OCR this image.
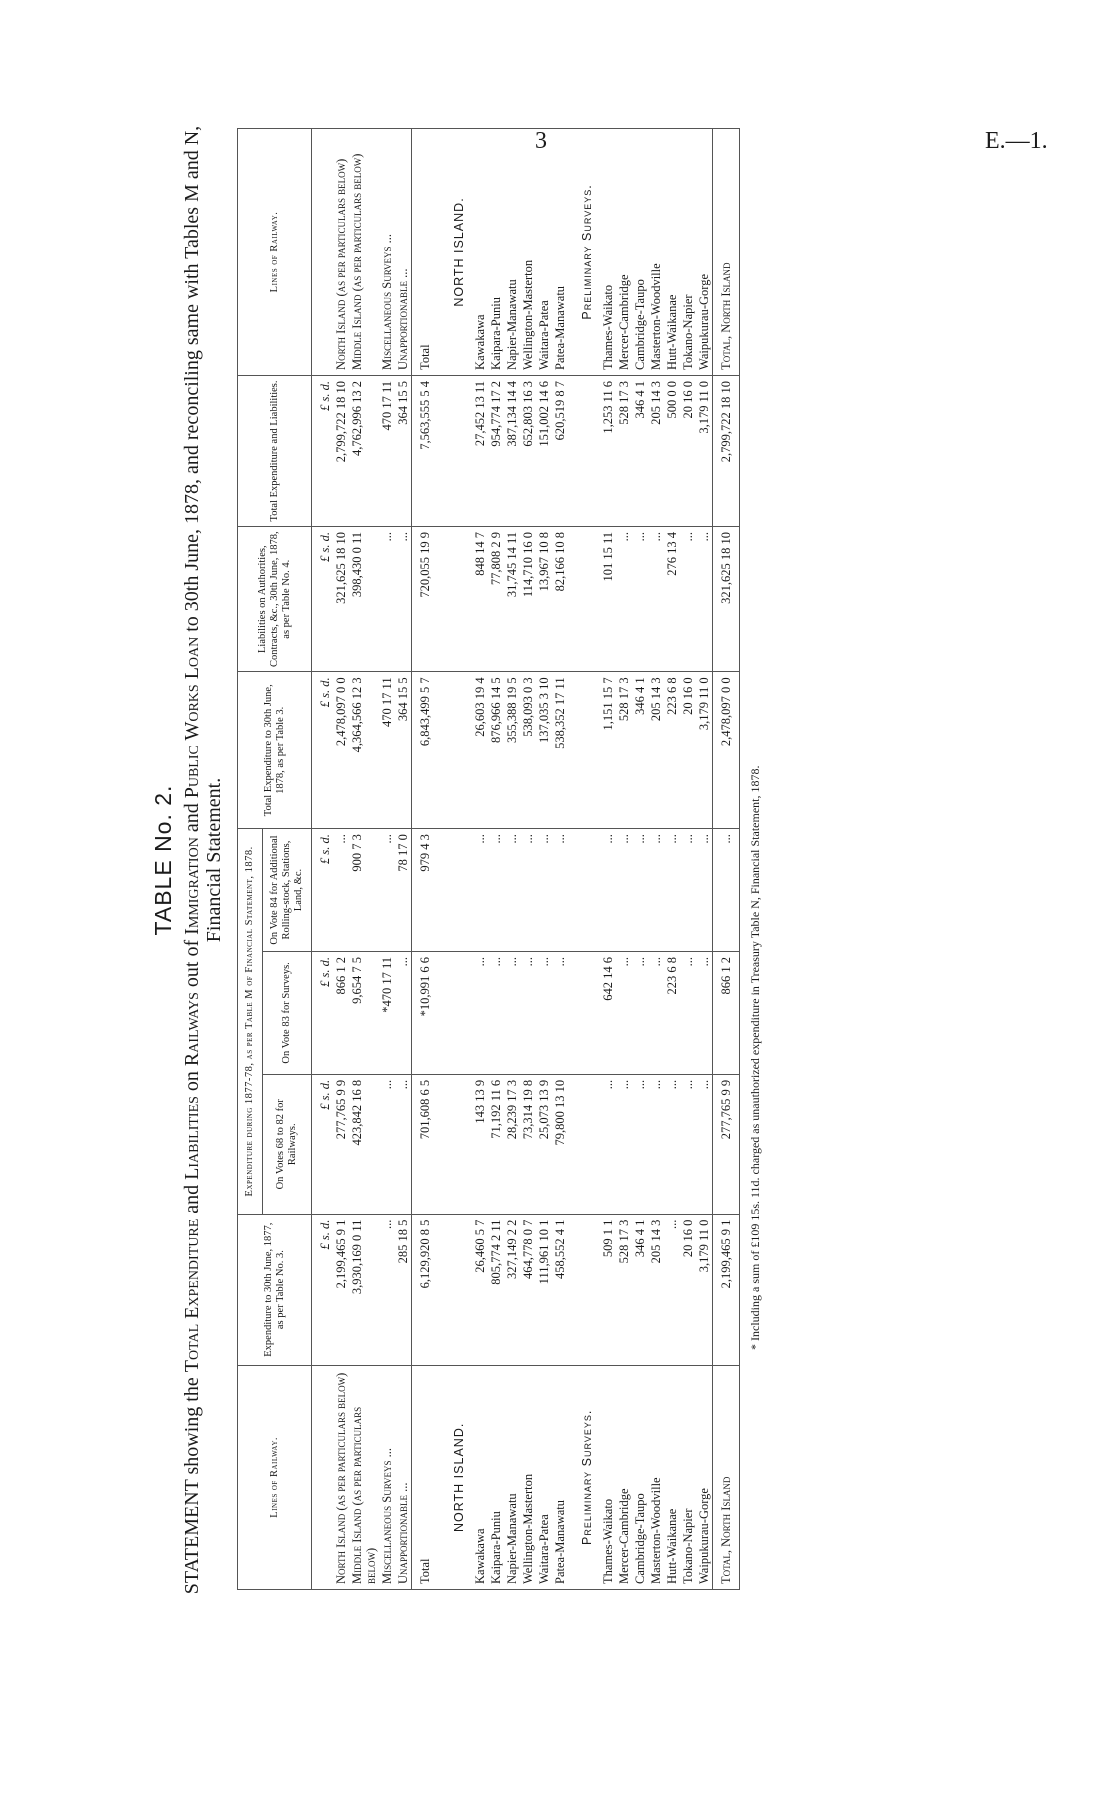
3	E.—1.
TABLE No. 2.
STATEMENT showing the Total Expenditure and Liabilities on Railways out of Immigration and Public Works Loan to 30th June, 1878, and reconciling same with Tables M and N, Financial Statement.
Lines of Railway.	Expenditure to 30th June, 1877, as per Table No. 3.	Expenditure during 1877-78, as per Table M of Financial Statement, 1878.			Total Expenditure to 30th June, 1878, as per Table 3.	Liabilities on Authorities, Contracts, &c., 30th June, 1878, as per Table No. 4.	Total Expenditure and Liabilities.	Lines of Railway.
		On Votes 68 to 82 for Railways.	On Vote 83 for Surveys.	On Vote 84 for Additional Rolling-stock, Stations, Land, &c.				
	£ s. d.	£ s. d.	£ s. d.	£ s. d.	£ s. d.	£ s. d.	£ s. d.	
North Island (as per particulars below)	2,199,465 9 1	277,765 9 9	866 1 2	...	2,478,097 0 0	321,625 18 10	2,799,722 18 10	North Island (as per particulars below)
Middle Island (as per particulars below)	3,930,169 0 11	423,842 16 8	9,654 7 5	900 7 3	4,364,566 12 3	398,430 0 11	4,762,996 13 2	Middle Island (as per particulars below)
Miscellaneous Surveys ...	...	...	*470 17 11	...	470 17 11	...	470 17 11	Miscellaneous Surveys ...
Unapportionable ...	285 18 5	...	...	78 17 0	364 15 5	...	364 15 5	Unapportionable ...
Total	6,129,920 8 5	701,608 6 5	*10,991 6 6	979 4 3	6,843,499 5 7	720,055 19 9	7,563,555 5 4	Total
NORTH ISLAND.								NORTH ISLAND.
Kawakawa	26,460 5 7	143 13 9	...	...	26,603 19 4	848 14 7	27,452 13 11	Kawakawa
Kaipara-Puniu	805,774 2 11	71,192 11 6	...	...	876,966 14 5	77,808 2 9	954,774 17 2	Kaipara-Puniu
Napier-Manawatu	327,149 2 2	28,239 17 3	...	...	355,388 19 5	31,745 14 11	387,134 14 4	Napier-Manawatu
Wellington-Masterton	464,778 0 7	73,314 19 8	...	...	538,093 0 3	114,710 16 0	652,803 16 3	Wellington-Masterton
Waitara-Patea	111,961 10 1	25,073 13 9	...	...	137,035 3 10	13,967 10 8	151,002 14 6	Waitara-Patea
Patea-Manawatu	458,552 4 1	79,800 13 10	...	...	538,352 17 11	82,166 10 8	620,519 8 7	Patea-Manawatu
Preliminary Surveys.								Preliminary Surveys.
Thames-Waikato	509 1 1	...	642 14 6	...	1,151 15 7	101 15 11	1,253 11 6	Thames-Waikato
Mercer-Cambridge	528 17 3	...	...	...	528 17 3	...	528 17 3	Mercer-Cambridge
Cambridge-Taupo	346 4 1	...	...	...	346 4 1	...	346 4 1	Cambridge-Taupo
Masterton-Woodville	205 14 3	...	...	...	205 14 3	...	205 14 3	Masterton-Woodville
Hutt-Waikanae	...	...	223 6 8	...	223 6 8	276 13 4	500 0 0	Hutt-Waikanae
Tokano-Napier	20 16 0	...	...	...	20 16 0	...	20 16 0	Tokano-Napier
Waipukurau-Gorge	3,179 11 0	...	...	...	3,179 11 0	...	3,179 11 0	Waipukurau-Gorge
Total, North Island	2,199,465 9 1	277,765 9 9	866 1 2	...	2,478,097 0 0	321,625 18 10	2,799,722 18 10	Total, North Island
* Including a sum of £109 15s. 11d. charged as unauthorized expenditure in Treasury Table N, Financial Statement, 1878.
